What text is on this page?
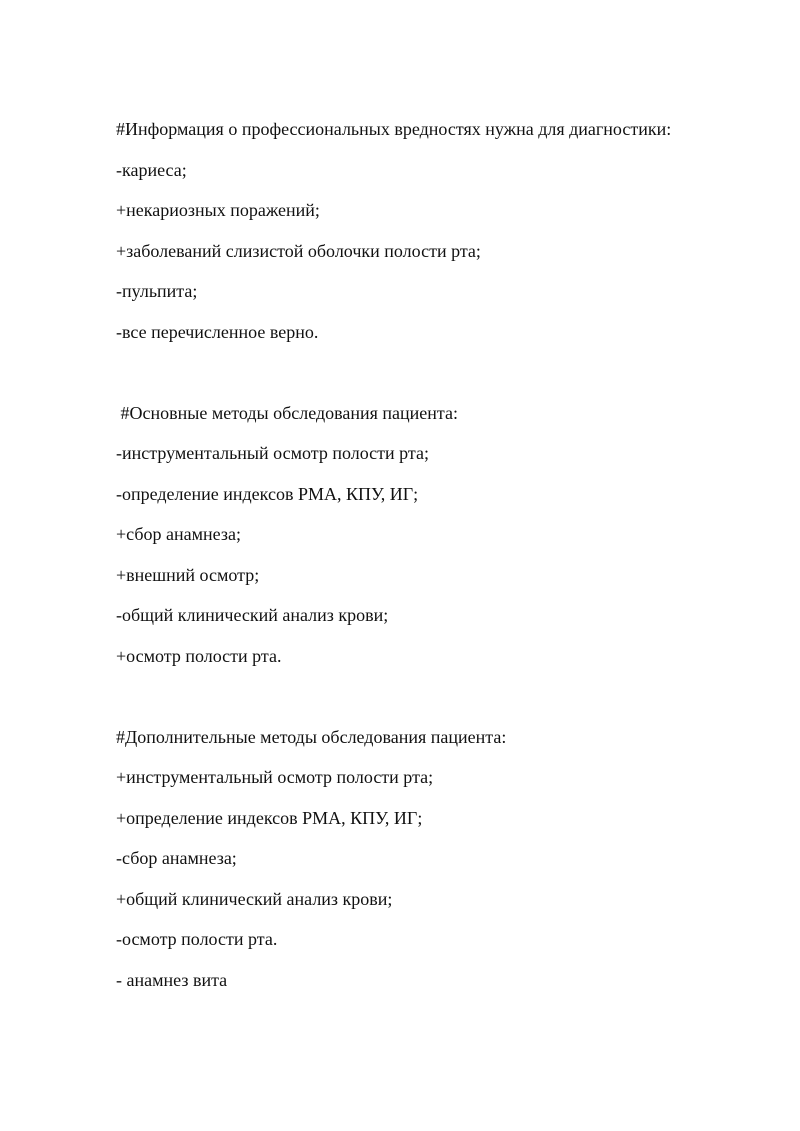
#Информация о профессиональных вредностях нужна для диагностики:
-кариеса;
+некариозных поражений;
+заболеваний слизистой оболочки полости рта;
-пульпита;
-все перечисленное верно.
#Основные методы обследования пациента:
-инструментальный осмотр полости рта;
-определение индексов РМА, КПУ, ИГ;
+сбор анамнеза;
+внешний осмотр;
-общий клинический анализ крови;
+осмотр полости рта.
#Дополнительные методы обследования пациента:
+инструментальный осмотр полости рта;
+определение индексов РМА, КПУ, ИГ;
-сбор анамнеза;
+общий клинический анализ крови;
-осмотр полости рта.
- анамнез вита
